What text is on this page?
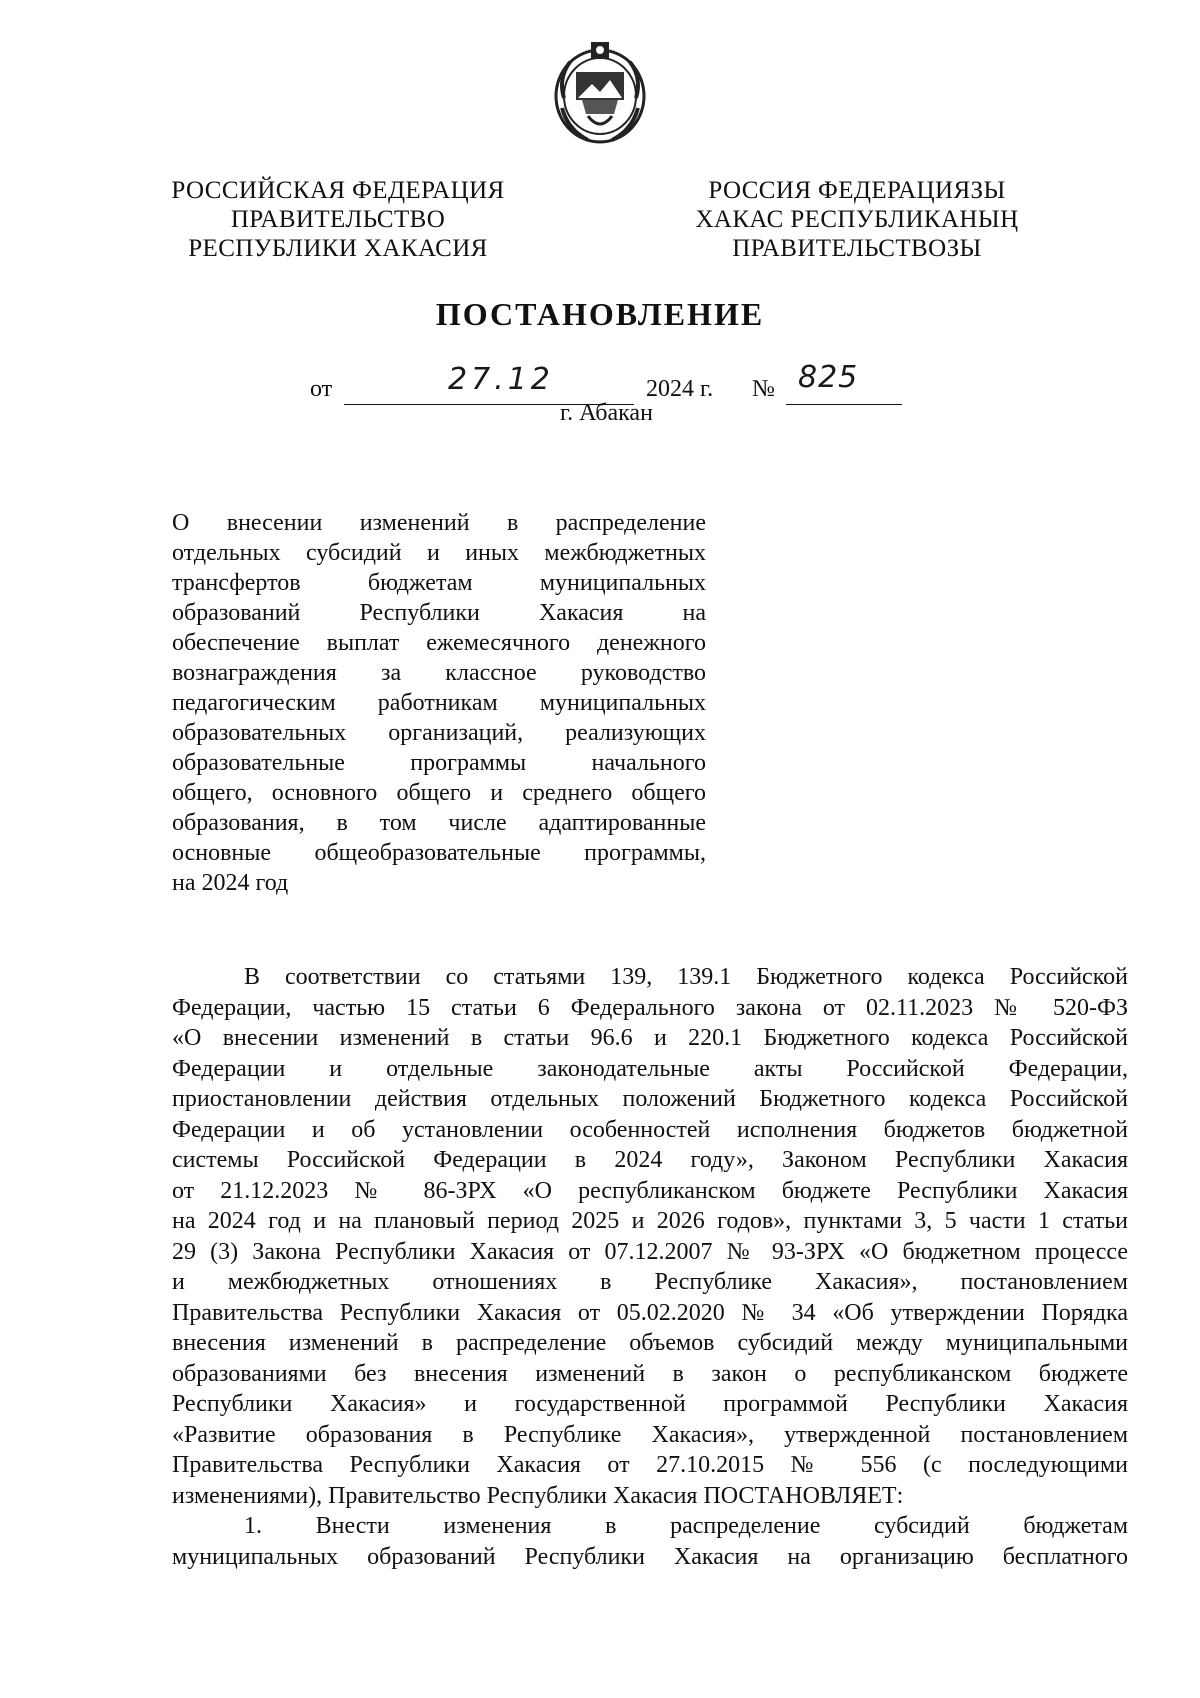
РОССИЙСКАЯ ФЕДЕРАЦИЯ
ПРАВИТЕЛЬСТВО
РЕСПУБЛИКИ ХАКАСИЯ
РОССИЯ ФЕДЕРАЦИЯЗЫ
ХАКАС РЕСПУБЛИКАНЫҢ
ПРАВИТЕЛЬСТВОЗЫ
ПОСТАНОВЛЕНИЕ
от	27.12	2024 г. № 825
г. Абакан
О внесении изменений в распределение
отдельных субсидий и иных межбюджетных
трансфертов бюджетам муниципальных
образований Республики Хакасия на
обеспечение выплат ежемесячного денежного
вознаграждения за классное руководство
педагогическим работникам муниципальных
образовательных организаций, реализующих
образовательные программы начального
общего, основного общего и среднего общего
образования, в том числе адаптированные
основные общеобразовательные программы,
на 2024 год
В соответствии со статьями 139, 139.1 Бюджетного кодекса Российской
Федерации, частью 15 статьи 6 Федерального закона от 02.11.2023 № 520-ФЗ
«О внесении изменений в статьи 96.6 и 220.1 Бюджетного кодекса Российской
Федерации и отдельные законодательные акты Российской Федерации,
приостановлении действия отдельных положений Бюджетного кодекса Российской
Федерации и об установлении особенностей исполнения бюджетов бюджетной
системы Российской Федерации в 2024 году», Законом Республики Хакасия
от 21.12.2023 № 86-ЗРХ «О республиканском бюджете Республики Хакасия
на 2024 год и на плановый период 2025 и 2026 годов», пунктами 3, 5 части 1 статьи
29 (3) Закона Республики Хакасия от 07.12.2007 № 93-ЗРХ «О бюджетном процессе
и межбюджетных отношениях в Республике Хакасия», постановлением
Правительства Республики Хакасия от 05.02.2020 № 34 «Об утверждении Порядка
внесения изменений в распределение объемов субсидий между муниципальными
образованиями без внесения изменений в закон о республиканском бюджете
Республики Хакасия» и государственной программой Республики Хакасия
«Развитие образования в Республике Хакасия», утвержденной постановлением
Правительства Республики Хакасия от 27.10.2015 № 556 (с последующими
изменениями), Правительство Республики Хакасия ПОСТАНОВЛЯЕТ:
1. Внести изменения в распределение субсидий бюджетам
муниципальных образований Республики Хакасия на организацию бесплатного
